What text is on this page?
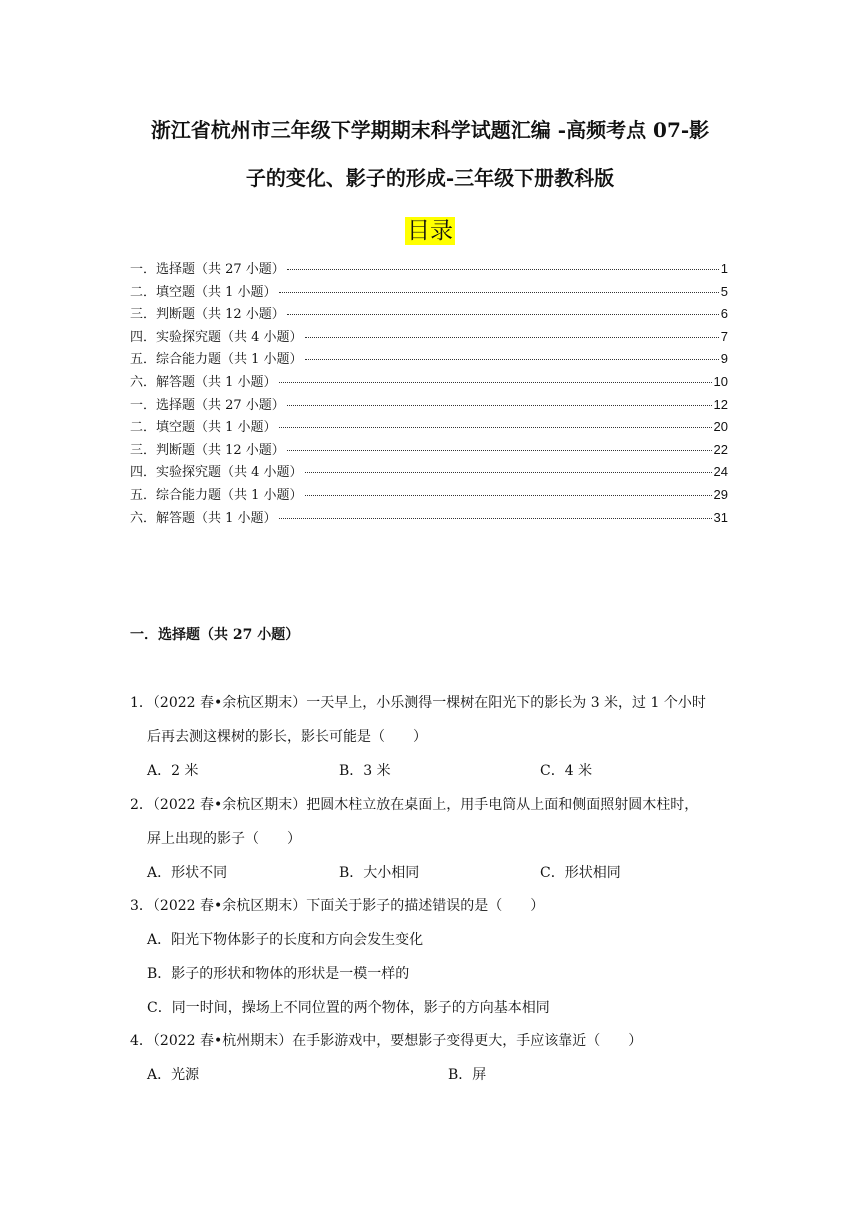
浙江省杭州市三年级下学期期末科学试题汇编 -高频考点 07-影
子的变化、影子的形成-三年级下册教科版
目录
一．选择题（共 27 小题）	1
二．填空题（共 1 小题）	5
三．判断题（共 12 小题）	6
四．实验探究题（共 4 小题）	7
五．综合能力题（共 1 小题）	9
六．解答题（共 1 小题）	10
一．选择题（共 27 小题）	12
二．填空题（共 1 小题）	20
三．判断题（共 12 小题）	22
四．实验探究题（共 4 小题）	24
五．综合能力题（共 1 小题）	29
六．解答题（共 1 小题）	31
一．选择题（共 27 小题）
1．（2022 春•余杭区期末）一天早上，小乐测得一棵树在阳光下的影长为 3 米，过 1 个小时
后再去测这棵树的影长，影长可能是（　　）
A．2 米	B．3 米	C．4 米
2．（2022 春•余杭区期末）把圆木柱立放在桌面上，用手电筒从上面和侧面照射圆木柱时，
屏上出现的影子（　　）
A．形状不同	B．大小相同	C．形状相同
3．（2022 春•余杭区期末）下面关于影子的描述错误的是（　　）
A．阳光下物体影子的长度和方向会发生变化
B．影子的形状和物体的形状是一模一样的
C．同一时间，操场上不同位置的两个物体，影子的方向基本相同
4．（2022 春•杭州期末）在手影游戏中，要想影子变得更大，手应该靠近（　　）
A．光源	B．屏
